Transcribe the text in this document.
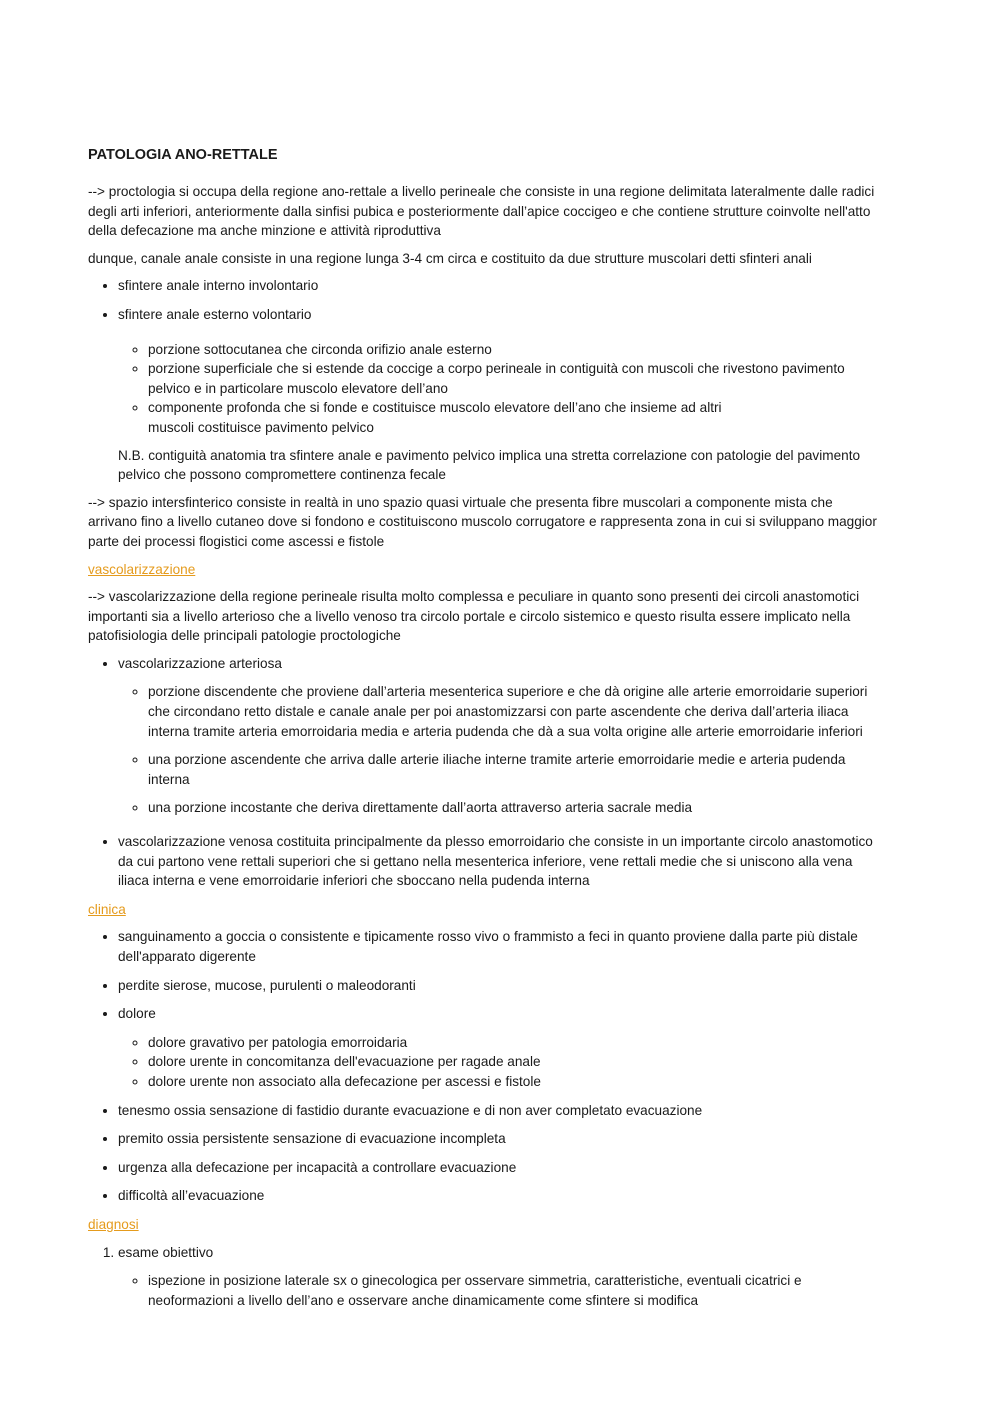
PATOLOGIA ANO-RETTALE

--> proctologia si occupa della regione ano-rettale a livello perineale che consiste in una regione delimitata lateralmente dalle radici degli arti inferiori, anteriormente dalla sinfisi pubica e posteriormente dall’apice coccigeo e che contiene strutture coinvolte nell'atto della defecazione ma anche minzione e attività riproduttiva

dunque, canale anale consiste in una regione lunga 3-4 cm circa e costituito da due strutture muscolari detti sfinteri anali

• sfintere anale interno involontario
• sfintere anale esterno volontario
◦ porzione sottocutanea che circonda orifizio anale esterno
◦ porzione superficiale che si estende da coccige a corpo perineale in contiguità con muscoli che rivestono pavimento pelvico e in particolare muscolo elevatore dell’ano
◦ componente profonda che si fonde e costituisce muscolo elevatore dell’ano che insieme ad altri muscoli costituisce pavimento pelvico

N.B. contiguità anatomia tra sfintere anale e pavimento pelvico implica una stretta correlazione con patologie del pavimento pelvico che possono compromettere continenza fecale

--> spazio intersfinterico consiste in realtà in uno spazio quasi virtuale che presenta fibre muscolari a componente mista che arrivano fino a livello cutaneo dove si fondono e costituiscono muscolo corrugatore e rappresenta zona in cui si sviluppano maggior parte dei processi flogistici come ascessi e fistole

vascolarizzazione

--> vascolarizzazione della regione perineale risulta molto complessa e peculiare in quanto sono presenti dei circoli anastomotici importanti sia a livello arterioso che a livello venoso tra circolo portale e circolo sistemico e questo risulta essere implicato nella patofisiologia delle principali patologie proctologiche

• vascolarizzazione arteriosa
◦ porzione discendente che proviene dall’arteria mesenterica superiore e che dà origine alle arterie emorroidarie superiori che circondano retto distale e canale anale per poi anastomizzarsi con parte ascendente che deriva dall’arteria iliaca interna tramite arteria emorroidaria media e arteria pudenda che dà a sua volta origine alle arterie emorroidarie inferiori
◦ una porzione ascendente che arriva dalle arterie iliache interne tramite arterie emorroidarie medie e arteria pudenda interna
◦ una porzione incostante che deriva direttamente dall’aorta attraverso arteria sacrale media
• vascolarizzazione venosa costituita principalmente da plesso emorroidario che consiste in un importante circolo anastomotico da cui partono vene rettali superiori che si gettano nella mesenterica inferiore, vene rettali medie che si uniscono alla vena iliaca interna e vene emorroidarie inferiori che sboccano nella pudenda interna

clinica

• sanguinamento a goccia o consistente e tipicamente rosso vivo o frammisto a feci in quanto proviene dalla parte più distale dell'apparato digerente
• perdite sierose, mucose, purulenti o maleodoranti
• dolore
◦ dolore gravativo per patologia emorroidaria
◦ dolore urente in concomitanza dell'evacuazione per ragade anale
◦ dolore urente non associato alla defecazione per ascessi e fistole
• tenesmo ossia sensazione di fastidio durante evacuazione e di non aver completato evacuazione
• premito ossia persistente sensazione di evacuazione incompleta
• urgenza alla defecazione per incapacità a controllare evacuazione
• difficoltà all’evacuazione

diagnosi

1. esame obiettivo
◦ ispezione in posizione laterale sx o ginecologica per osservare simmetria, caratteristiche, eventuali cicatrici e neoformazioni a livello dell’ano e osservare anche dinamicamente come sfintere si modifica
